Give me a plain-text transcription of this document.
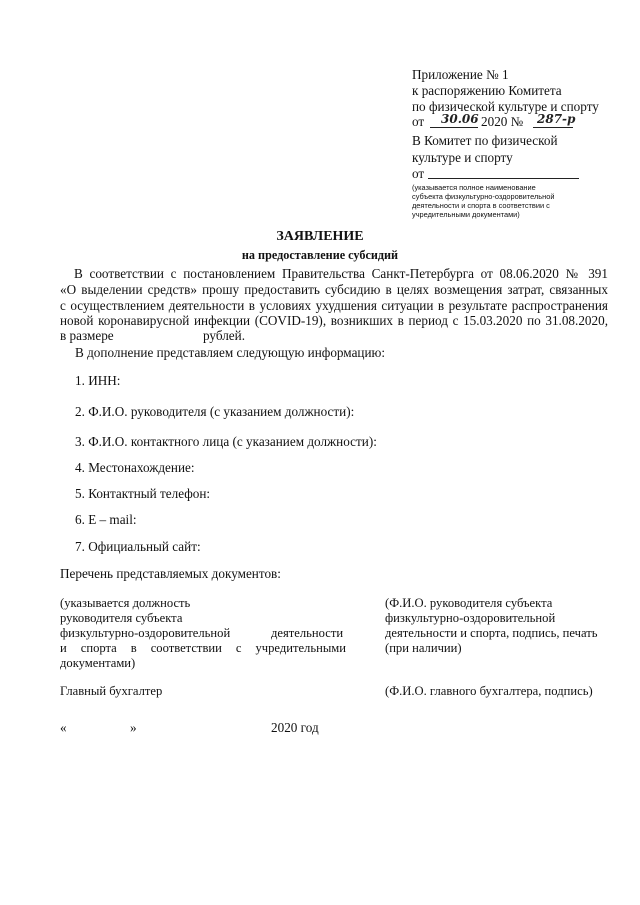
Приложение № 1
к распоряжению Комитета
по физической культуре и спорту
от 30.06 2020 № 287-р
В Комитет по физической
культуре и спорту
от
(указывается полное наименование
субъекта физкультурно-оздоровительной
деятельности и спорта в соответствии с
учредительными документами)
ЗАЯВЛЕНИЕ
на предоставление субсидий
В соответствии с постановлением Правительства Санкт-Петербурга от 08.06.2020 № 391
«О выделении средств» прошу предоставить субсидию в целях возмещения затрат, связанных
с осуществлением деятельности в условиях ухудшения ситуации в результате распространения
новой коронавирусной инфекции (COVID-19), возникших в период с 15.03.2020 по 31.08.2020,
в размере	рублей.
В дополнение представляем следующую информацию:
1. ИНН:
2. Ф.И.О. руководителя (с указанием должности):
3. Ф.И.О. контактного лица (с указанием должности):
4. Местонахождение:
5. Контактный телефон:
6. E – mail:
7. Официальный сайт:
Перечень представляемых документов:
(указывается должность
руководителя субъекта
физкультурно-оздоровительной	деятельности
и спорта в соответствии с учредительными
документами)
(Ф.И.О. руководителя субъекта
физкультурно-оздоровительной
деятельности и спорта, подпись, печать
(при наличии)
Главный бухгалтер	(Ф.И.О. главного бухгалтера, подпись)
«	»	2020 год
